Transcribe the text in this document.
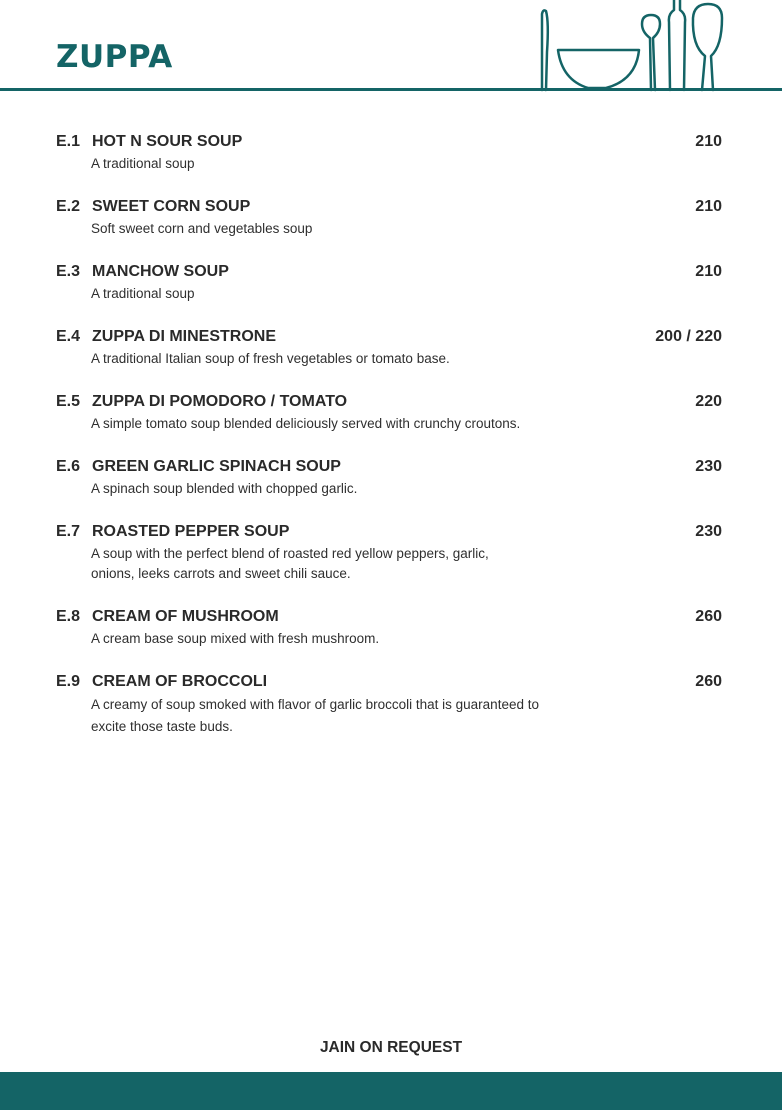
ZUPPA
E.1 HOT N SOUR SOUP	210
A traditional soup
E.2 SWEET CORN SOUP	210
Soft sweet corn and vegetables soup
E.3 MANCHOW SOUP	210
A traditional soup
E.4 ZUPPA DI MINESTRONE	200 / 220
A traditional Italian soup of fresh vegetables or tomato base.
E.5 ZUPPA DI POMODORO / TOMATO	220
A simple tomato soup blended deliciously served with crunchy croutons.
E.6 GREEN GARLIC SPINACH SOUP	230
A spinach soup blended with chopped garlic.
E.7 ROASTED PEPPER SOUP	230
A soup with the perfect blend of roasted red yellow peppers, garlic,
onions, leeks carrots and sweet chili sauce.
E.8 CREAM OF MUSHROOM	260
A cream base soup mixed with fresh mushroom.
E.9 CREAM OF BROCCOLI	260
A creamy of soup smoked with flavor of garlic broccoli that is guaranteed to
excite those taste buds.
JAIN ON REQUEST
